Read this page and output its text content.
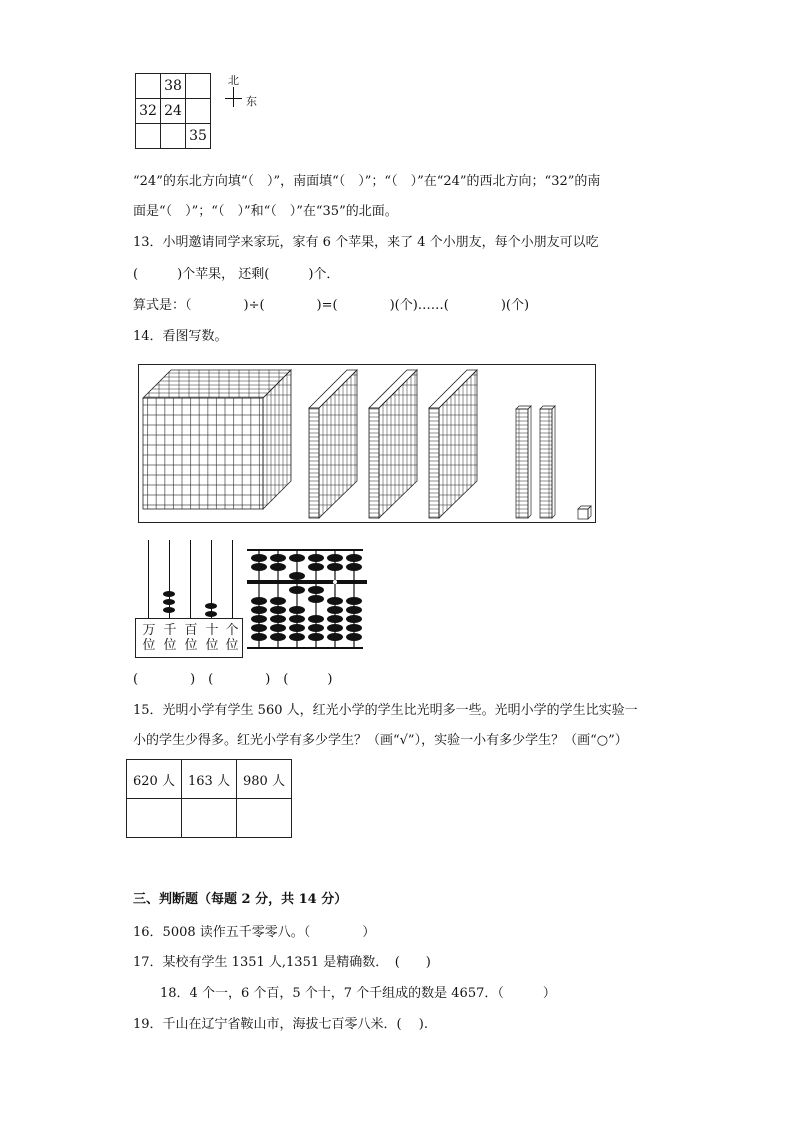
	38	
32	24	
		35
北
东
“24”的东北方向填“（　）”，南面填“（　）”；“（　）”在“24”的西北方向；“32”的南
面是“（　）”；“（　）”和“（　）”在“35”的北面。
13．小明邀请同学来家玩，家有 6 个苹果，来了 4 个小朋友，每个小朋友可以吃
(　　　)个苹果， 还剩(　　　)个．
算式是：（　　　　)÷(　　　　)=(　　　　)(个)……(　　　　)(个)
14．看图写数。
万
位
千
位
百
位
十
位
个
位
(　　　　)　(　　　　)　(　　　)
15．光明小学有学生 560 人，红光小学的学生比光明多一些。光明小学的学生比实验一
小的学生少得多。红光小学有多少学生？（画“√”），实验一小有多少学生？（画“○”）
620 人	163 人	980 人

三、判断题（每题 2 分，共 14 分）
16．5008 读作五千零零八。（　　　　）
17．某校有学生 1351 人,1351 是精确数．　(　　)
18．4 个一，6 个百，5 个十，7 个千组成的数是 4657．（　　　）
19．千山在辽宁省鞍山市，海拔七百零八米．(　 ).
